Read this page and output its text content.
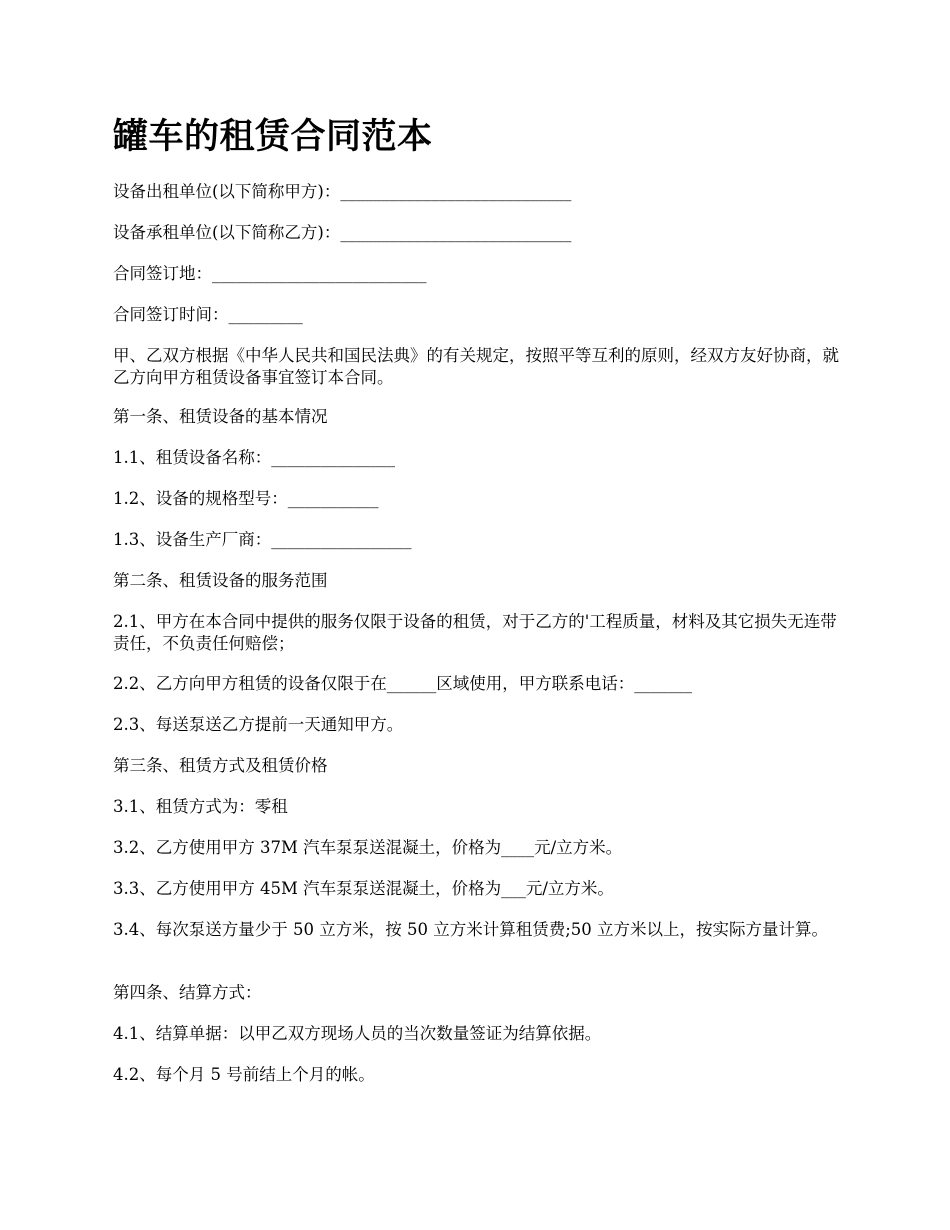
罐车的租赁合同范本

设备出租单位(以下简称甲方)：____________________________

设备承租单位(以下简称乙方)：____________________________

合同签订地：__________________________

合同签订时间：_________

甲、乙双方根据《中华人民共和国民法典》的有关规定，按照平等互利的原则，经双方友好协商，就乙方向甲方租赁设备事宜签订本合同。

第一条、租赁设备的基本情况

1.1、租赁设备名称：_______________

1.2、设备的规格型号：___________

1.3、设备生产厂商：_________________

第二条、租赁设备的服务范围

2.1、甲方在本合同中提供的服务仅限于设备的租赁，对于乙方的'工程质量，材料及其它损失无连带责任，不负责任何赔偿；

2.2、乙方向甲方租赁的设备仅限于在______区域使用，甲方联系电话：_______

2.3、每送泵送乙方提前一天通知甲方。

第三条、租赁方式及租赁价格

3.1、租赁方式为：零租

3.2、乙方使用甲方 37M 汽车泵泵送混凝土，价格为____元/立方米。

3.3、乙方使用甲方 45M 汽车泵泵送混凝土，价格为___元/立方米。

3.4、每次泵送方量少于 50 立方米，按 50 立方米计算租赁费;50 立方米以上，按实际方量计算。

第四条、结算方式：

4.1、结算单据：以甲乙双方现场人员的当次数量签证为结算依据。

4.2、每个月 5 号前结上个月的帐。
